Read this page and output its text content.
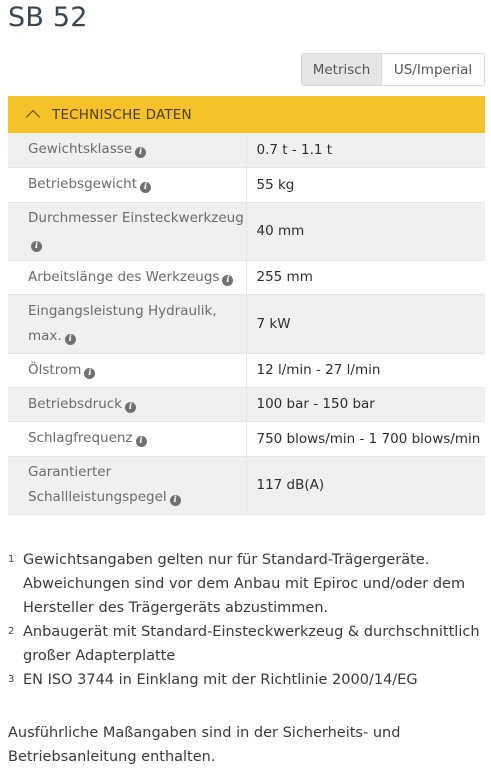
SB 52
Metrisch	US/Imperial
TECHNISCHE DATEN
Gewichtsklasse i	0.7 t - 1.1 t
Betriebsgewicht i	55 kg
Durchmesser Einsteckwerkzeugi	40 mm
Arbeitslänge des Werkzeugs i	255 mm
Eingangsleistung Hydraulik, max. i	7 kW
Ölstrom i	12 l/min - 27 l/min
Betriebsdruck i	100 bar - 150 bar
Schlagfrequenz i	750 blows/min - 1 700 blows/min
Garantierter Schallleistungspegel i	117 dB(A)
1 Gewichtsangaben gelten nur für Standard-Trägergeräte. Abweichungen sind vor dem Anbau mit Epiroc und/oder dem Hersteller des Trägergeräts abzustimmen.
2 Anbaugerät mit Standard-Einsteckwerkzeug & durchschnittlich großer Adapterplatte
3 EN ISO 3744 in Einklang mit der Richtlinie 2000/14/EG

Ausführliche Maßangaben sind in der Sicherheits- und Betriebsanleitung enthalten.
